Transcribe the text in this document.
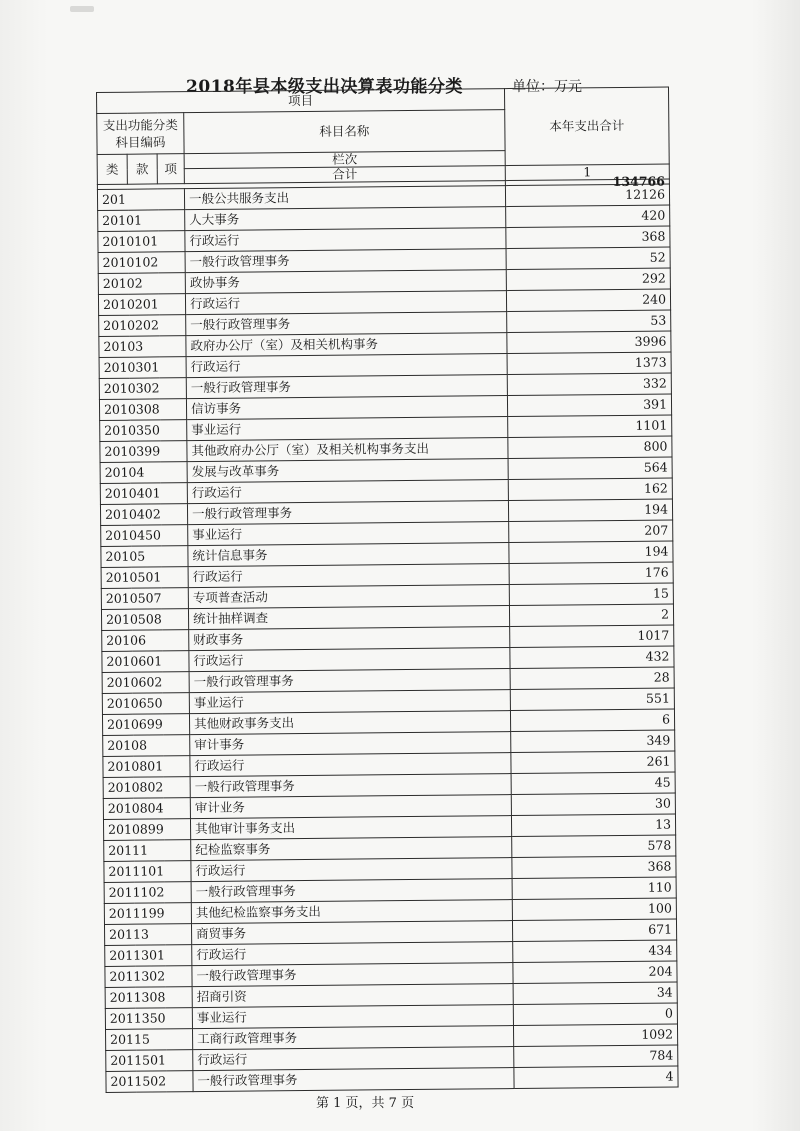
2018年县本级支出决算表功能分类	单位：万元
项目				本年支出合计
支出功能分类科目编码			科目名称	
类	款	项	栏次	
			合计	1
				134766
201			一般公共服务支出	12126
20101			人大事务	420
2010101			行政运行	368
2010102			一般行政管理事务	52
20102			政协事务	292
2010201			行政运行	240
2010202			一般行政管理事务	53
20103			政府办公厅（室）及相关机构事务	3996
2010301			行政运行	1373
2010302			一般行政管理事务	332
2010308			信访事务	391
2010350			事业运行	1101
2010399			其他政府办公厅（室）及相关机构事务支出	800
20104			发展与改革事务	564
2010401			行政运行	162
2010402			一般行政管理事务	194
2010450			事业运行	207
20105			统计信息事务	194
2010501			行政运行	176
2010507			专项普查活动	15
2010508			统计抽样调查	2
20106			财政事务	1017
2010601			行政运行	432
2010602			一般行政管理事务	28
2010650			事业运行	551
2010699			其他财政事务支出	6
20108			审计事务	349
2010801			行政运行	261
2010802			一般行政管理事务	45
2010804			审计业务	30
2010899			其他审计事务支出	13
20111			纪检监察事务	578
2011101			行政运行	368
2011102			一般行政管理事务	110
2011199			其他纪检监察事务支出	100
20113			商贸事务	671
2011301			行政运行	434
2011302			一般行政管理事务	204
2011308			招商引资	34
2011350			事业运行	0
20115			工商行政管理事务	1092
2011501			行政运行	784
2011502			一般行政管理事务	4
第 1 页，共 7 页
